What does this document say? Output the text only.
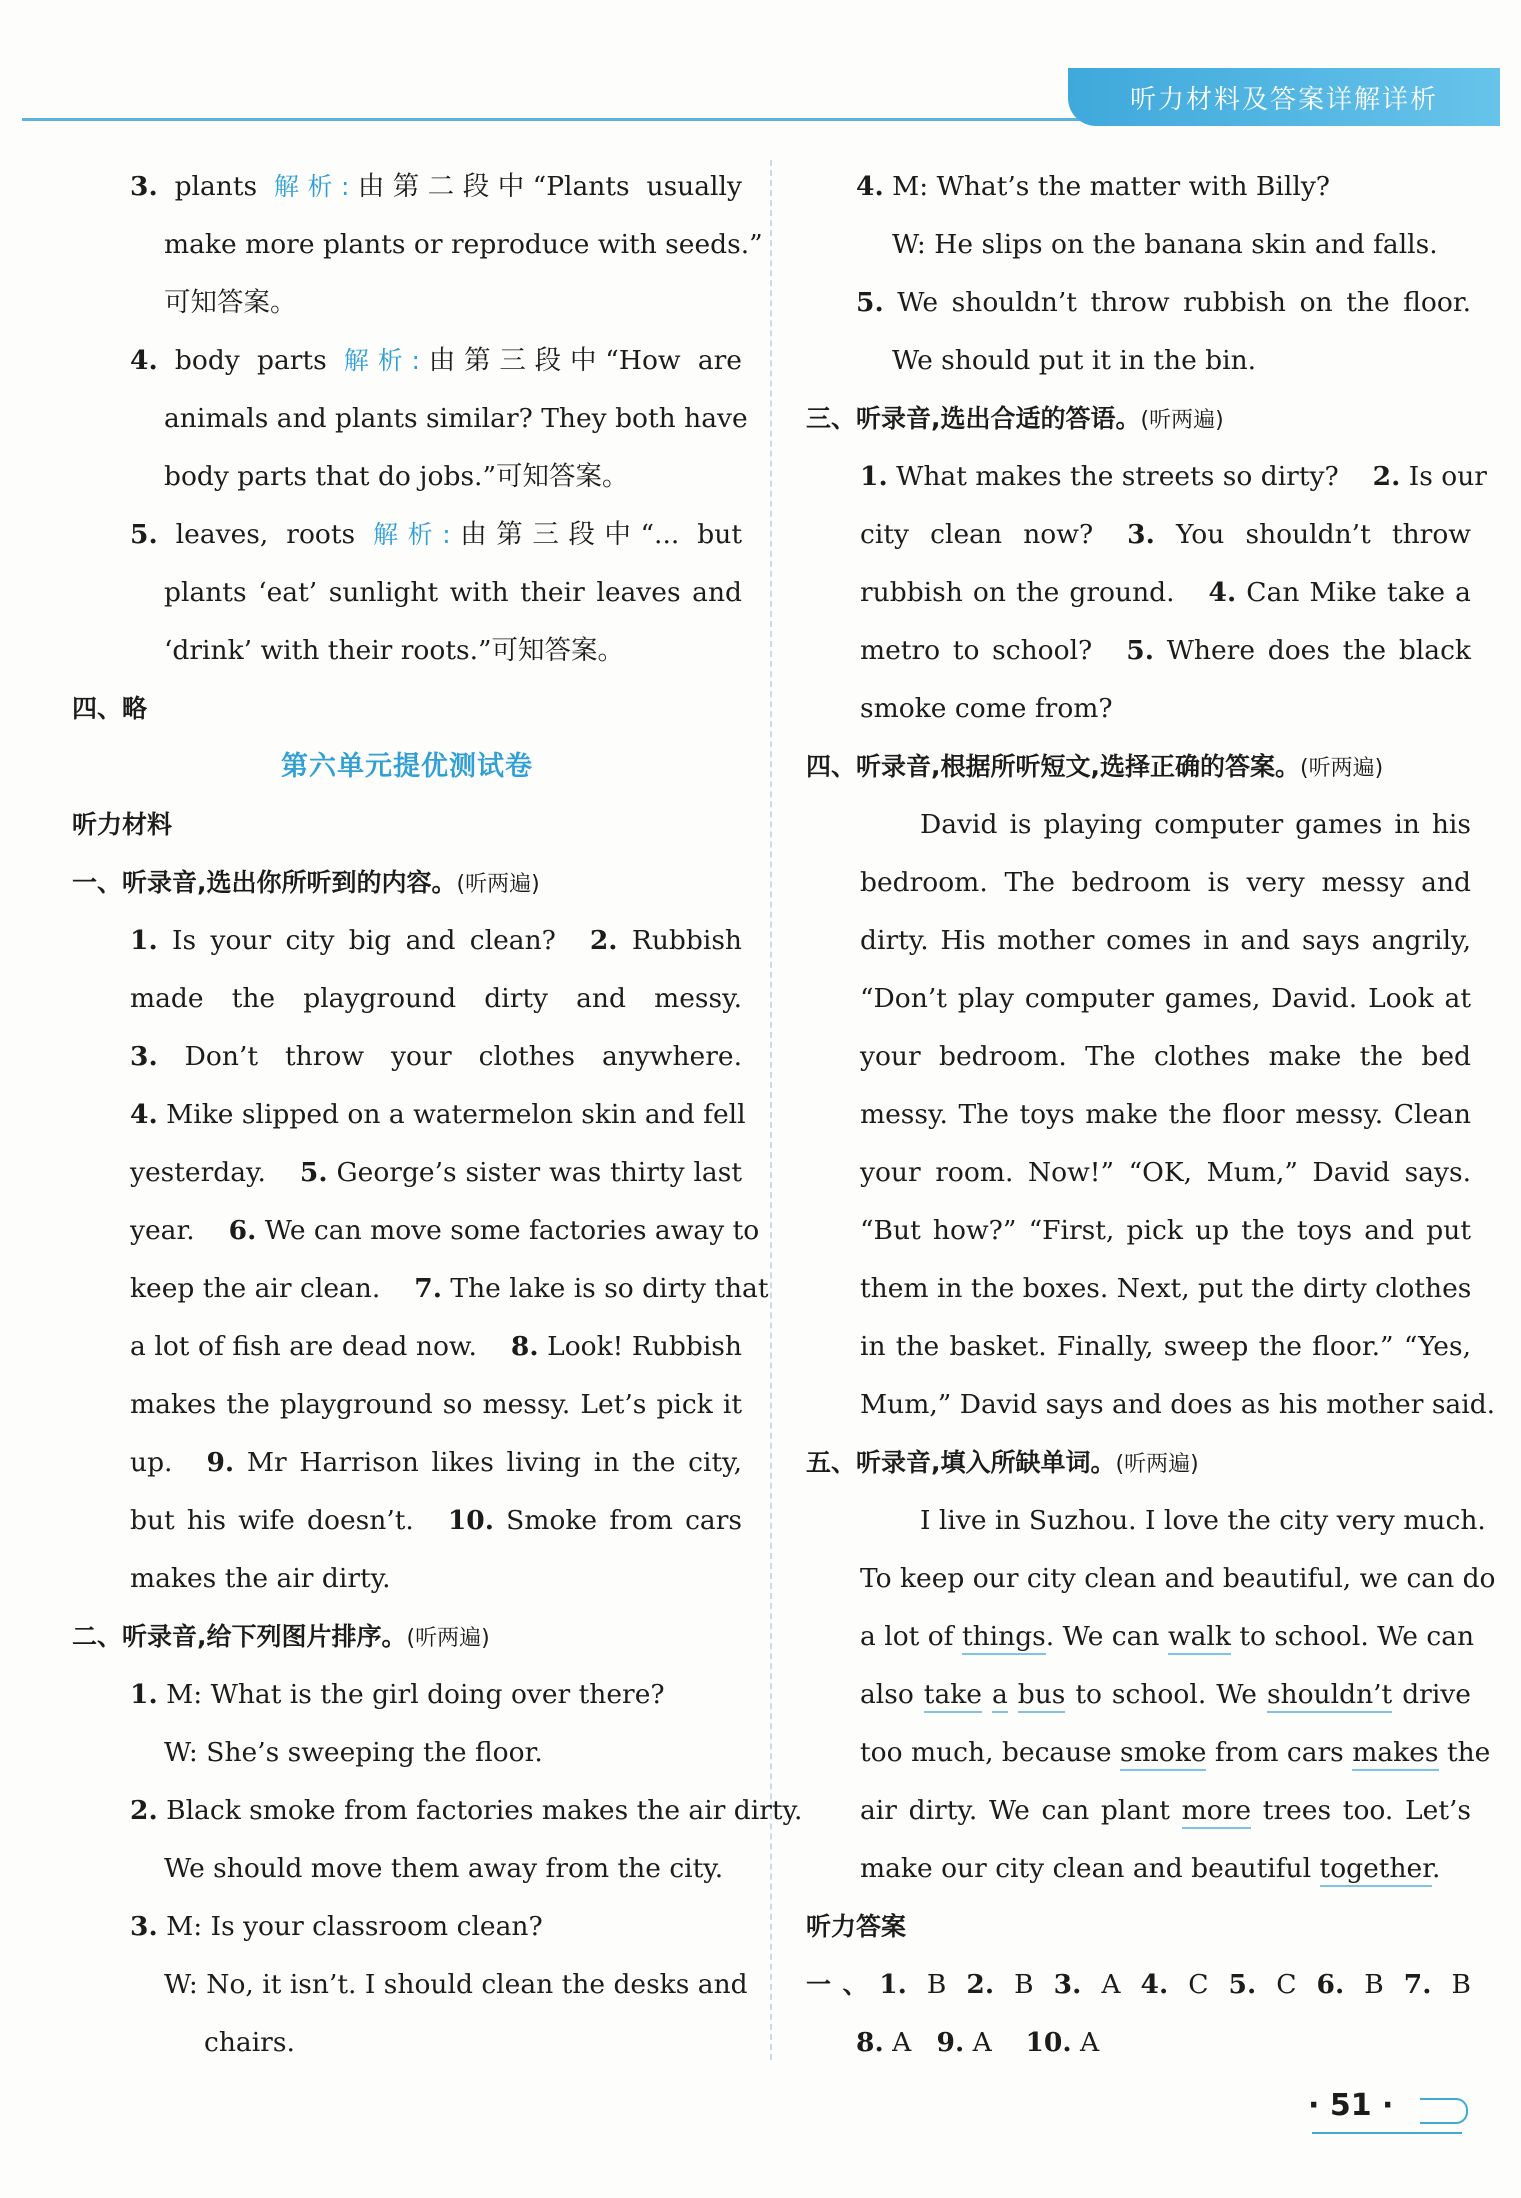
听力材料及答案详解详析
3. plants 解析:由第二段中“Plants usually
make more plants or reproduce with seeds.”
可知答案。
4. body parts 解析:由第三段中“How are
animals and plants similar? They both have
body parts that do jobs.”可知答案。
5. leaves, roots 解析:由第三段中“... but
plants ‘eat’ sunlight with their leaves and
‘drink’ with their roots.”可知答案。
四、略
第六单元提优测试卷
听力材料
一、听录音,选出你所听到的内容。(听两遍)
1. Is your city big and clean? 2. Rubbish
made the playground dirty and messy.
3. Don’t throw your clothes anywhere.
4. Mike slipped on a watermelon skin and fell
yesterday. 5. George’s sister was thirty last
year. 6. We can move some factories away to
keep the air clean. 7. The lake is so dirty that
a lot of fish are dead now. 8. Look! Rubbish
makes the playground so messy. Let’s pick it
up. 9. Mr Harrison likes living in the city,
but his wife doesn’t. 10. Smoke from cars
makes the air dirty.
二、听录音,给下列图片排序。(听两遍)
1. M: What is the girl doing over there?
W: She’s sweeping the floor.
2. Black smoke from factories makes the air dirty.
We should move them away from the city.
3. M: Is your classroom clean?
W: No, it isn’t. I should clean the desks and
chairs.
4. M: What’s the matter with Billy?
W: He slips on the banana skin and falls.
5. We shouldn’t throw rubbish on the floor.
We should put it in the bin.
三、听录音,选出合适的答语。(听两遍)
1. What makes the streets so dirty? 2. Is our
city clean now? 3. You shouldn’t throw
rubbish on the ground. 4. Can Mike take a
metro to school? 5. Where does the black
smoke come from?
四、听录音,根据所听短文,选择正确的答案。(听两遍)
David is playing computer games in his
bedroom. The bedroom is very messy and
dirty. His mother comes in and says angrily,
“Don’t play computer games, David. Look at
your bedroom. The clothes make the bed
messy. The toys make the floor messy. Clean
your room. Now!” “OK, Mum,” David says.
“But how?” “First, pick up the toys and put
them in the boxes. Next, put the dirty clothes
in the basket. Finally, sweep the floor.” “Yes,
Mum,” David says and does as his mother said.
五、听录音,填入所缺单词。(听两遍)
I live in Suzhou. I love the city very much.
To keep our city clean and beautiful, we can do
a lot of things. We can walk to school. We can
also take a bus to school. We shouldn’t drive
too much, because smoke from cars makes the
air dirty. We can plant more trees too. Let’s
make our city clean and beautiful together.
听力答案
一、1. B 2. B 3. A 4. C 5. C 6. B 7. B
8. A 9. A 10. A
· 51 ·
